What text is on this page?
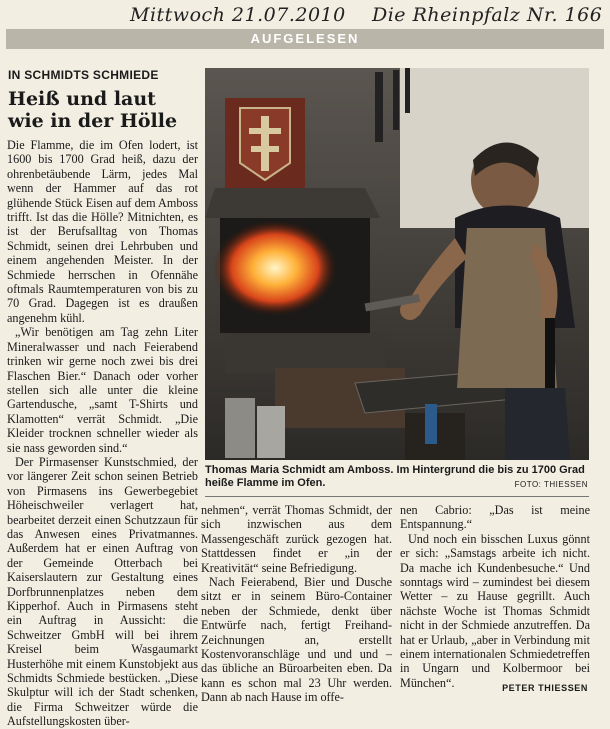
Mittwoch 21.07.2010 Die Rheinpfalz Nr. 166
AUFGELESEN
IN SCHMIDTS SCHMIEDE
Heiß und laut wie in der Hölle

Die Flamme, die im Ofen lodert, ist 1600 bis 1700 Grad heiß, dazu der ohrenbetäubende Lärm, jedes Mal wenn der Hammer auf das rot glühende Stück Eisen auf dem Amboss trifft. Ist das die Hölle? Mitnichten, es ist der Berufsalltag von Thomas Schmidt, seinen drei Lehrbuben und einem angehenden Meister. In der Schmiede herrschen in Ofennähe oftmals Raumtemperaturen von bis zu 70 Grad. Dagegen ist es draußen angenehm kühl.

„Wir benötigen am Tag zehn Liter Mineralwasser und nach Feierabend trinken wir gerne noch zwei bis drei Flaschen Bier.“ Danach oder vorher stellen sich alle unter die kleine Gartendusche, „samt T-Shirts und Klamotten“ verrät Schmidt. „Die Kleider trocknen schneller wieder als sie nass geworden sind.“

Der Pirmasenser Kunstschmied, der vor längerer Zeit schon seinen Betrieb von Pirmasens ins Gewerbegebiet Höheischweiler verlagert hat, bearbeitet derzeit einen Schutzzaun für das Anwesen eines Privatmannes. Außerdem hat er einen Auftrag von der Gemeinde Otterbach bei Kaiserslautern zur Gestaltung eines Dorfbrunnenplatzes neben dem Kipperhof. Auch in Pirmasens steht ein Auftrag in Aussicht: die Schweitzer GmbH will bei ihrem Kreisel beim Wasgaumarkt Husterhöhe mit einem Kunstobjekt aus Schmidts Schmiede bestücken. „Diese Skulptur will ich der Stadt schenken, die Firma Schweitzer würde die Aufstellungskosten über-

Thomas Maria Schmidt am Amboss. Im Hintergrund die bis zu 1700 Grad heiße Flamme im Ofen.	FOTO: THIESSEN

nehmen“, verrät Thomas Schmidt, der sich inzwischen aus dem Massengeschäft zurück gezogen hat. Stattdessen findet er „in der Kreativität“ seine Befriedigung.

Nach Feierabend, Bier und Dusche sitzt er in seinem Büro-Container neben der Schmiede, denkt über Entwürfe nach, fertigt Freihand-Zeichnungen an, erstellt Kostenvoranschläge und und und – das übliche an Büroarbeiten eben. Da kann es schon mal 23 Uhr werden. Dann ab nach Hause im offe-

nen Cabrio: „Das ist meine Entspannung.“

Und noch ein bisschen Luxus gönnt er sich: „Samstags arbeite ich nicht. Da mache ich Kundenbesuche.“ Und sonntags wird – zumindest bei diesem Wetter – zu Hause gegrillt. Auch nächste Woche ist Thomas Schmidt nicht in der Schmiede anzutreffen. Da hat er Urlaub, „aber in Verbindung mit einem internationalen Schmiedetreffen in Ungarn und Kolbermoor bei München“.	PETER THIESSEN
